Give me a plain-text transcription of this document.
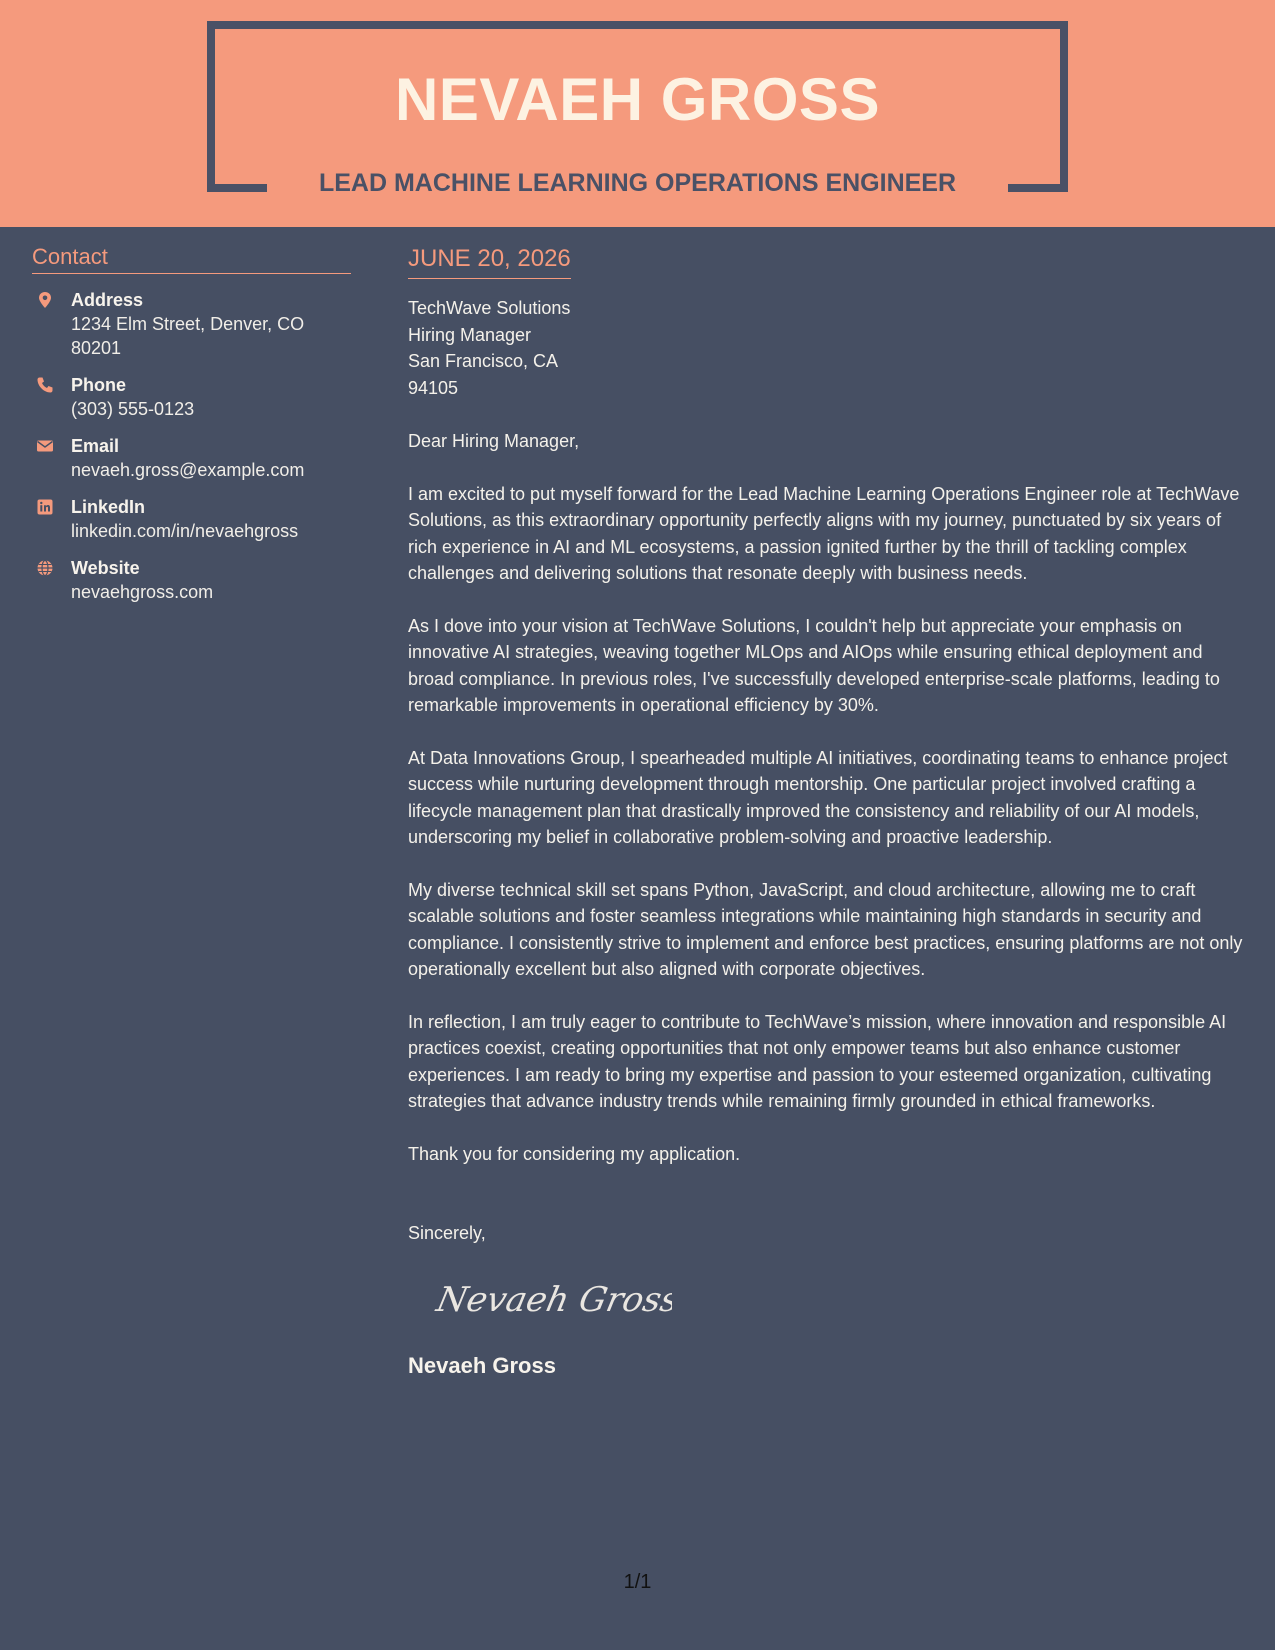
NEVAEH GROSS
LEAD MACHINE LEARNING OPERATIONS ENGINEER
Contact
Address
1234 Elm Street, Denver, CO 80201
Phone
(303) 555-0123
Email
nevaeh.gross@example.com
LinkedIn
linkedin.com/in/nevaehgross
Website
nevaehgross.com
JUNE 20, 2026
TechWave Solutions
Hiring Manager
San Francisco, CA
94105
Dear Hiring Manager,
I am excited to put myself forward for the Lead Machine Learning Operations Engineer role at TechWave Solutions, as this extraordinary opportunity perfectly aligns with my journey, punctuated by six years of rich experience in AI and ML ecosystems, a passion ignited further by the thrill of tackling complex challenges and delivering solutions that resonate deeply with business needs.
As I dove into your vision at TechWave Solutions, I couldn't help but appreciate your emphasis on innovative AI strategies, weaving together MLOps and AIOps while ensuring ethical deployment and broad compliance. In previous roles, I've successfully developed enterprise-scale platforms, leading to remarkable improvements in operational efficiency by 30%.
At Data Innovations Group, I spearheaded multiple AI initiatives, coordinating teams to enhance project success while nurturing development through mentorship. One particular project involved crafting a lifecycle management plan that drastically improved the consistency and reliability of our AI models, underscoring my belief in collaborative problem-solving and proactive leadership.
My diverse technical skill set spans Python, JavaScript, and cloud architecture, allowing me to craft scalable solutions and foster seamless integrations while maintaining high standards in security and compliance. I consistently strive to implement and enforce best practices, ensuring platforms are not only operationally excellent but also aligned with corporate objectives.
In reflection, I am truly eager to contribute to TechWave’s mission, where innovation and responsible AI practices coexist, creating opportunities that not only empower teams but also enhance customer experiences. I am ready to bring my expertise and passion to your esteemed organization, cultivating strategies that advance industry trends while remaining firmly grounded in ethical frameworks.
Thank you for considering my application.
Sincerely,
Nevaeh Gross
Nevaeh Gross
1/1
